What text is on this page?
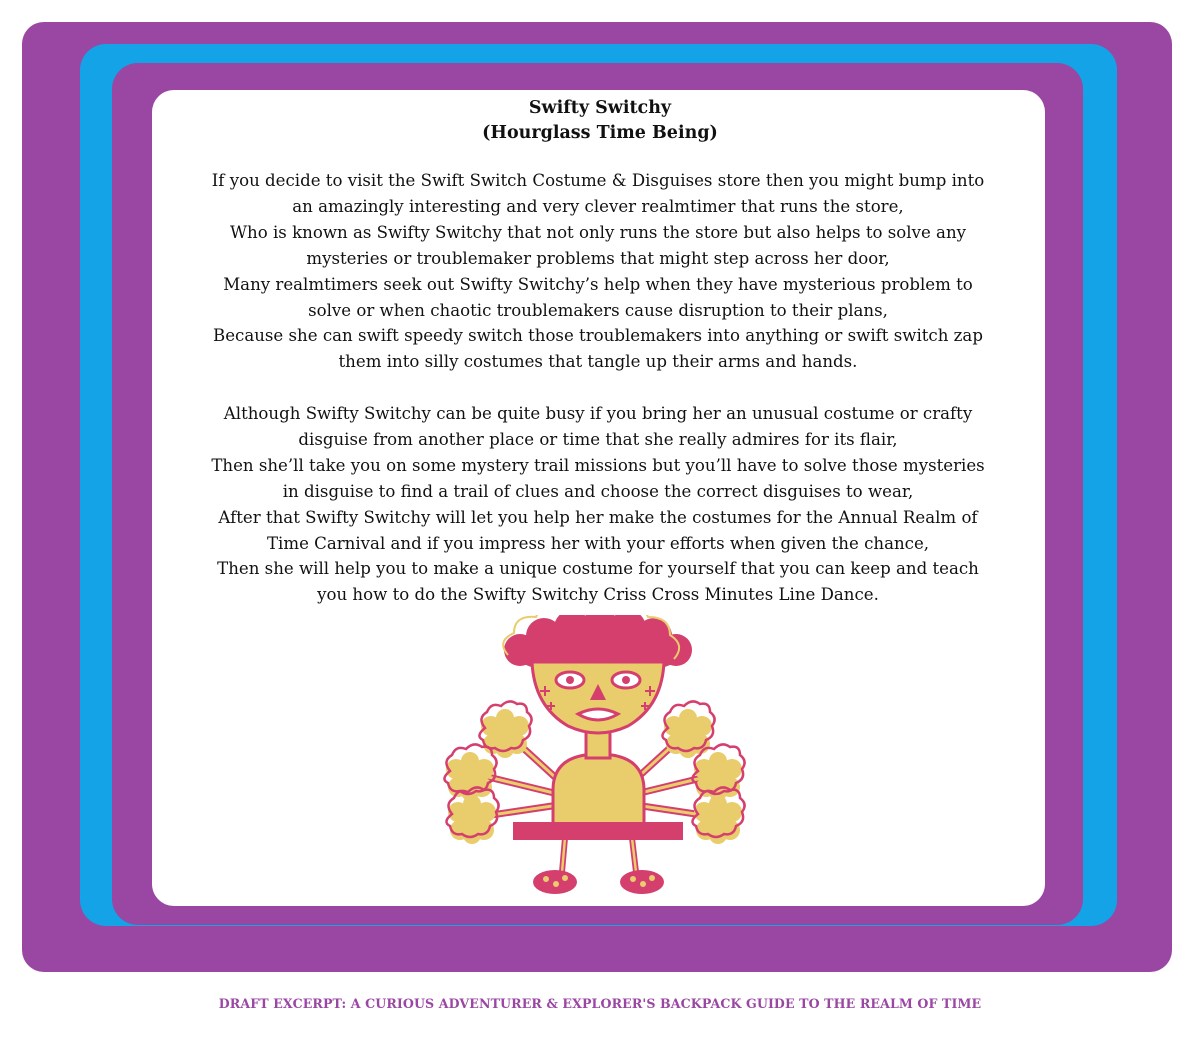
Swifty Switchy
(Hourglass Time Being)
If you decide to visit the Swift Switch Costume & Disguises store then you might bump into
an amazingly interesting and very clever realmtimer that runs the store,
Who is known as Swifty Switchy that not only runs the store but also helps to solve any
mysteries or troublemaker problems that might step across her door,
Many realmtimers seek out Swifty Switchy’s help when they have mysterious problem to
solve or when chaotic troublemakers cause disruption to their plans,
Because she can swift speedy switch those troublemakers into anything or swift switch zap
them into silly costumes that tangle up their arms and hands.
Although Swifty Switchy can be quite busy if you bring her an unusual costume or crafty
disguise from another place or time that she really admires for its flair,
Then she’ll take you on some mystery trail missions but you’ll have to solve those mysteries
in disguise to find a trail of clues and choose the correct disguises to wear,
After that Swifty Switchy will let you help her make the costumes for the Annual Realm of
Time Carnival and if you impress her with your efforts when given the chance,
Then she will help you to make a unique costume for yourself that you can keep and teach
you how to do the Swifty Switchy Criss Cross Minutes Line Dance.
DRAFT EXCERPT: A CURIOUS ADVENTURER & EXPLORER'S BACKPACK GUIDE TO THE REALM OF TIME
